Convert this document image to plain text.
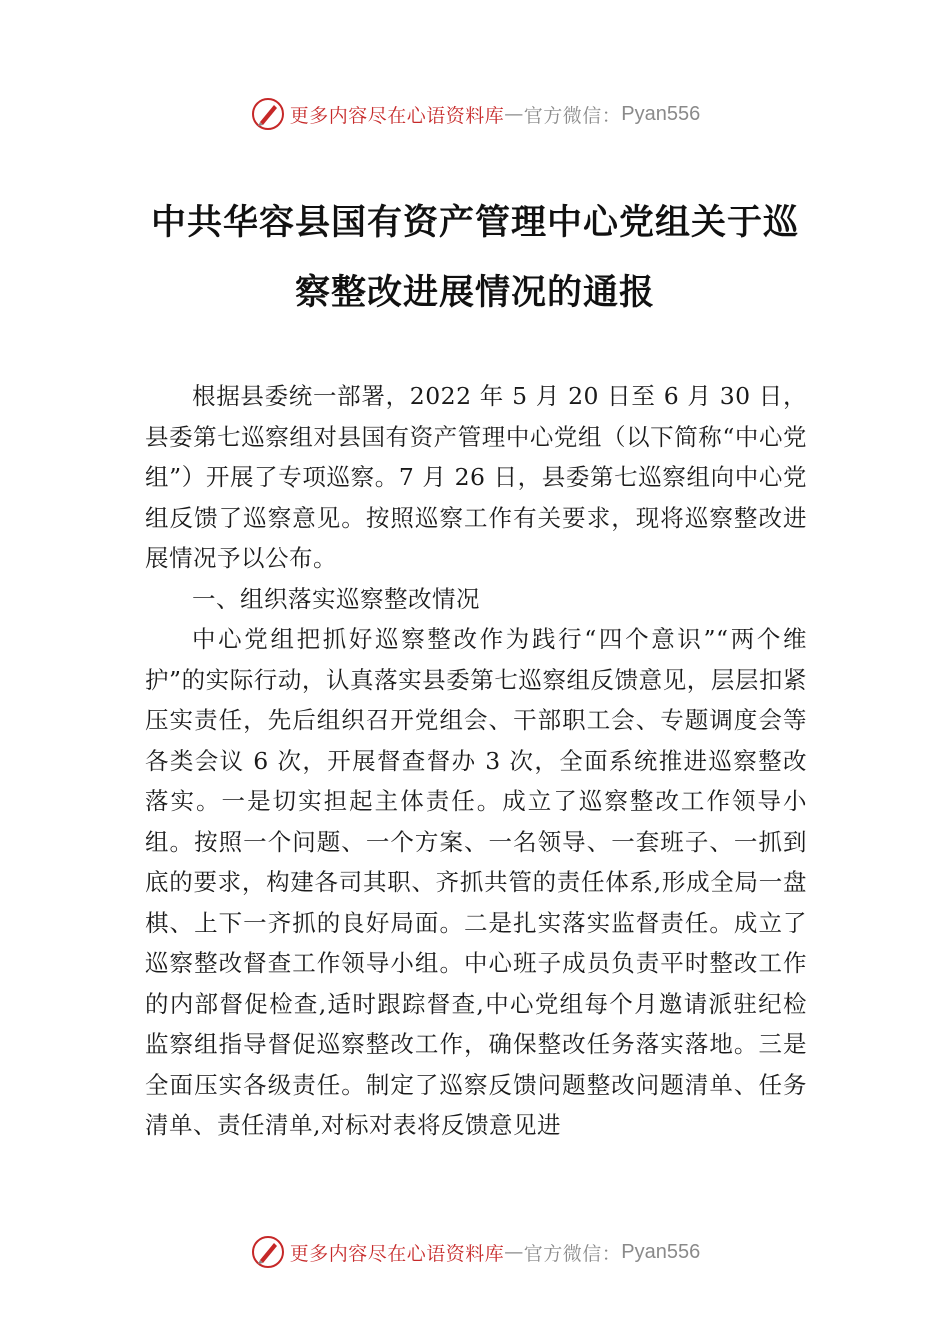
更多内容尽在心语资料库 — 官方微信： Pyan556
中共华容县国有资产管理中心党组关于巡察整改进展情况的通报

根据县委统一部署，2022 年 5 月 20 日至 6 月 30 日，县委第七巡察组对县国有资产管理中心党组（以下简称“中心党组”）开展了专项巡察。7 月 26 日，县委第七巡察组向中心党组反馈了巡察意见。按照巡察工作有关要求，现将巡察整改进展情况予以公布。

一、组织落实巡察整改情况

中心党组把抓好巡察整改作为践行“四个意识”“两个维护”的实际行动，认真落实县委第七巡察组反馈意见，层层扣紧压实责任，先后组织召开党组会、干部职工会、专题调度会等各类会议 6 次，开展督查督办 3 次，全面系统推进巡察整改落实。一是切实担起主体责任。成立了巡察整改工作领导小组。按照一个问题、一个方案、一名领导、一套班子、一抓到底的要求，构建各司其职、齐抓共管的责任体系,形成全局一盘棋、上下一齐抓的良好局面。二是扎实落实监督责任。成立了巡察整改督查工作领导小组。中心班子成员负责平时整改工作的内部督促检查,适时跟踪督查,中心党组每个月邀请派驻纪检监察组指导督促巡察整改工作，确保整改任务落实落地。三是全面压实各级责任。制定了巡察反馈问题整改问题清单、任务清单、责任清单,对标对表将反馈意见进

更多内容尽在心语资料库 — 官方微信： Pyan556
